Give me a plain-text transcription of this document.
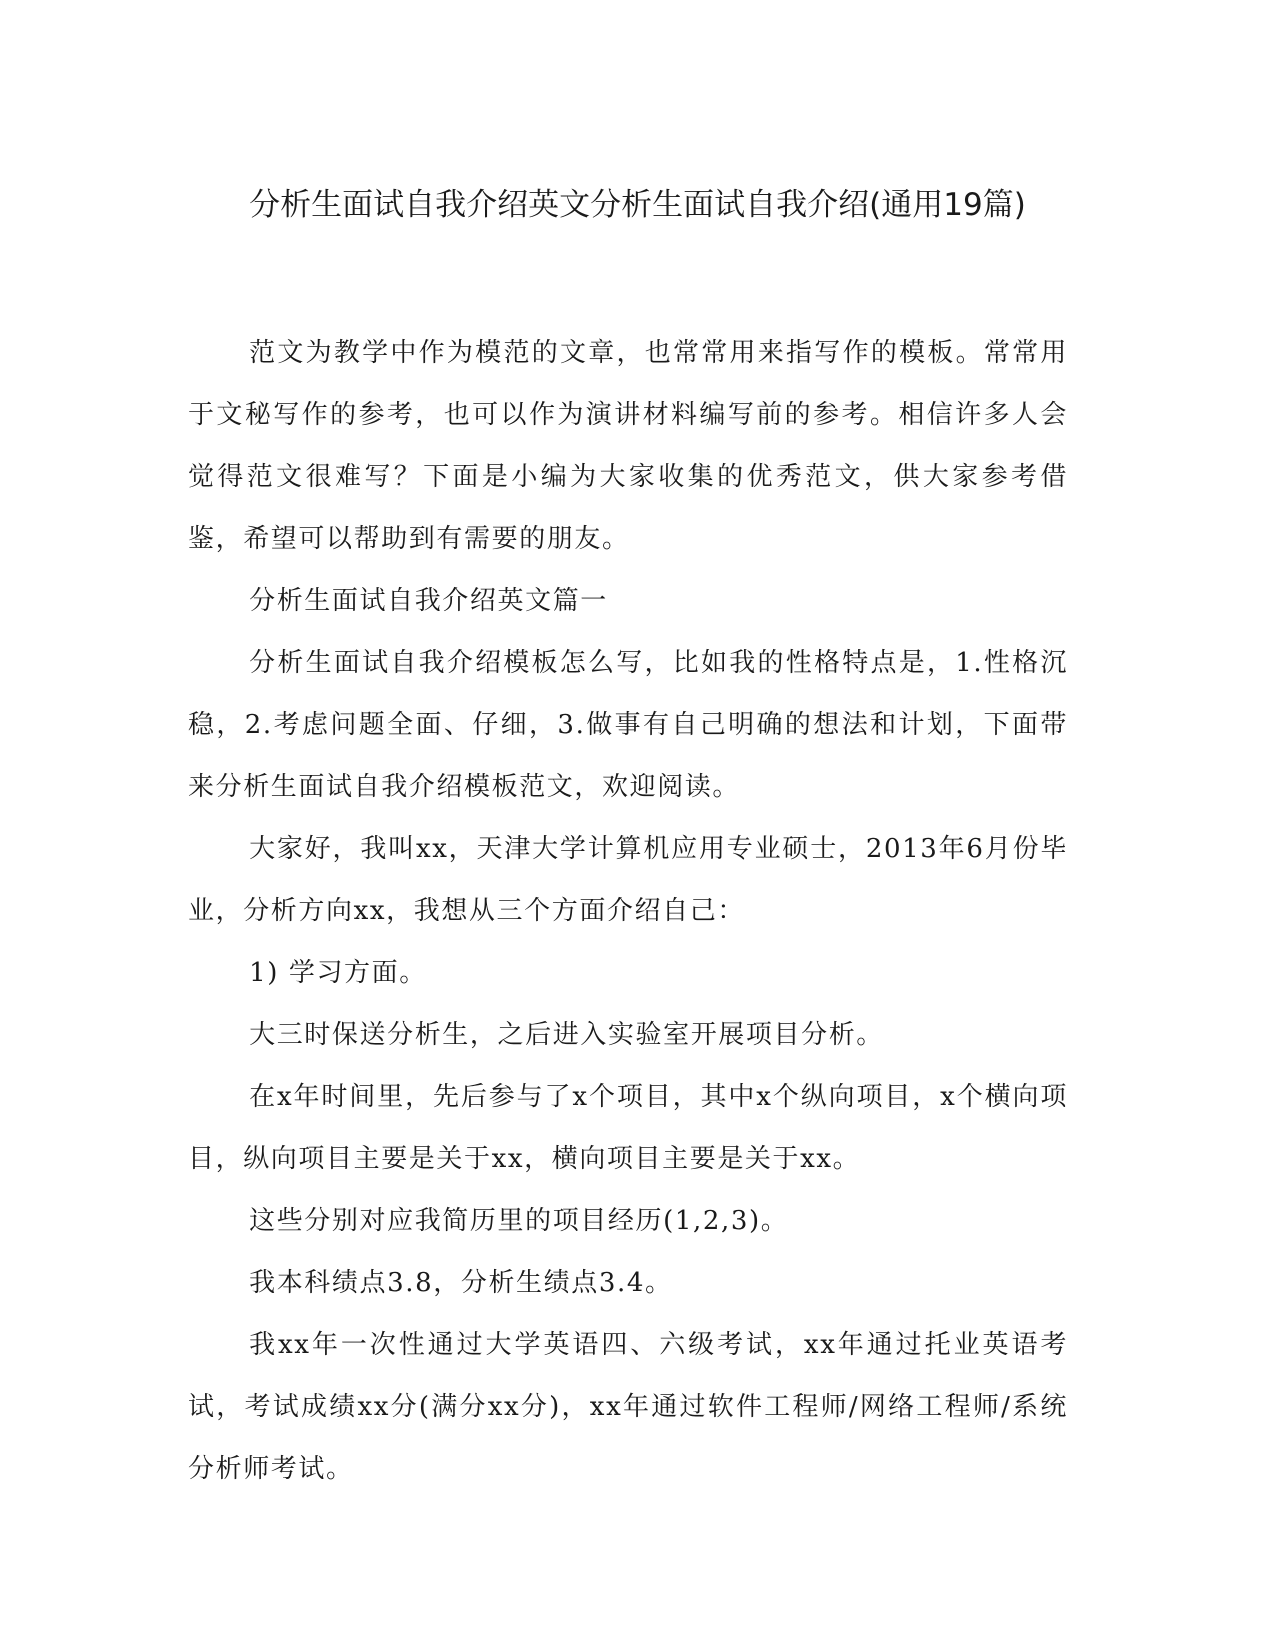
分析生面试自我介绍英文分析生面试自我介绍(通用19篇)

范文为教学中作为模范的文章，也常常用来指写作的模板。常常用于文秘写作的参考，也可以作为演讲材料编写前的参考。相信许多人会觉得范文很难写？下面是小编为大家收集的优秀范文，供大家参考借鉴，希望可以帮助到有需要的朋友。

分析生面试自我介绍英文篇一

分析生面试自我介绍模板怎么写，比如我的性格特点是，1.性格沉稳，2.考虑问题全面、仔细，3.做事有自己明确的想法和计划，下面带来分析生面试自我介绍模板范文，欢迎阅读。

大家好，我叫xx，天津大学计算机应用专业硕士，2013年6月份毕业，分析方向xx，我想从三个方面介绍自己：

1) 学习方面。

大三时保送分析生，之后进入实验室开展项目分析。

在x年时间里，先后参与了x个项目，其中x个纵向项目，x个横向项目，纵向项目主要是关于xx，横向项目主要是关于xx。

这些分别对应我简历里的项目经历(1,2,3)。

我本科绩点3.8，分析生绩点3.4。

我xx年一次性通过大学英语四、六级考试，xx年通过托业英语考试，考试成绩xx分(满分xx分)，xx年通过软件工程师/网络工程师/系统分析师考试。
